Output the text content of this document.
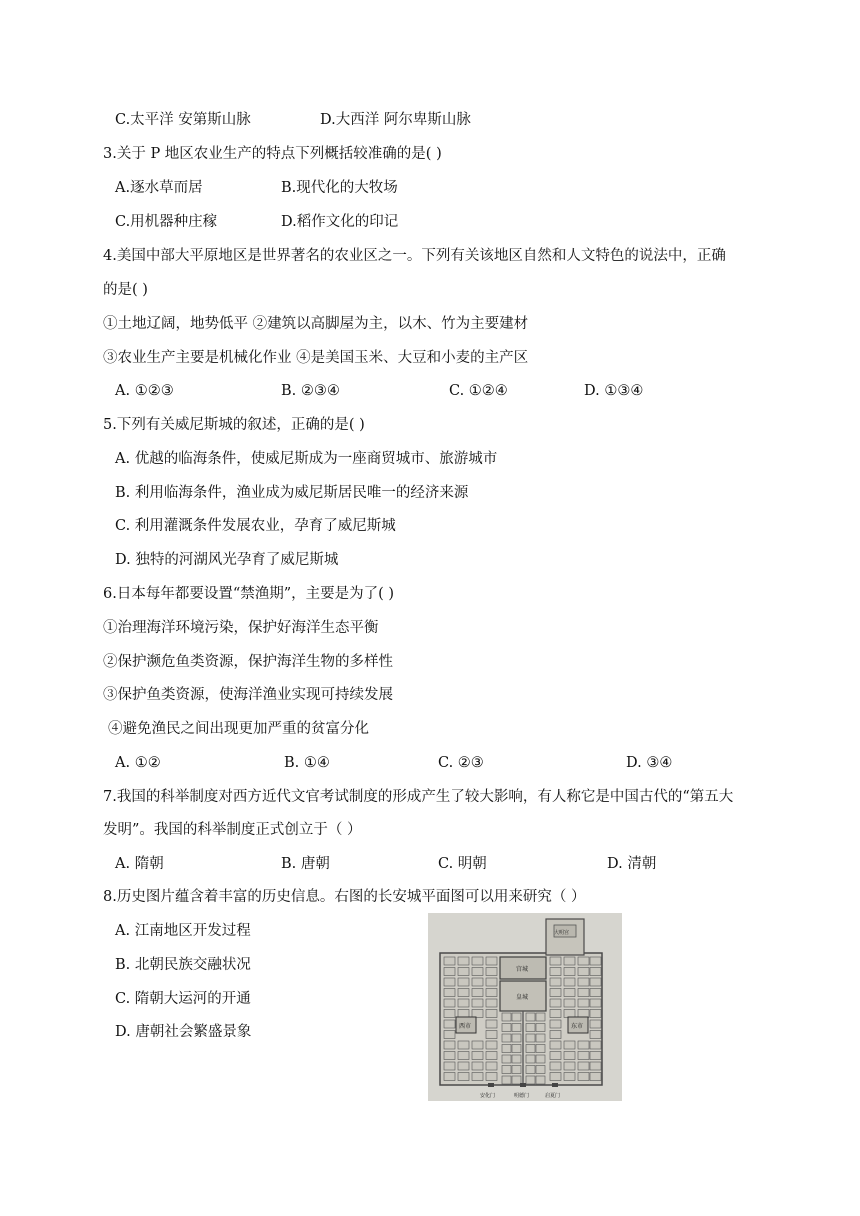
C.太平洋 安第斯山脉	D.大西洋 阿尔卑斯山脉
3.关于 P 地区农业生产的特点下列概括较准确的是( )
A.逐水草而居	B.现代化的大牧场
C.用机器种庄稼	D.稻作文化的印记
4.美国中部大平原地区是世界著名的农业区之一。下列有关该地区自然和人文特色的说法中，正确
的是( )
①土地辽阔，地势低平 ②建筑以高脚屋为主，以木、竹为主要建材
③农业生产主要是机械化作业 ④是美国玉米、大豆和小麦的主产区
A. ①②③	B. ②③④	C. ①②④	D. ①③④
5.下列有关威尼斯城的叙述，正确的是( )
A. 优越的临海条件，使威尼斯成为一座商贸城市、旅游城市
B. 利用临海条件，渔业成为威尼斯居民唯一的经济来源
C. 利用灌溉条件发展农业，孕育了威尼斯城
D. 独特的河湖风光孕育了威尼斯城
6.日本每年都要设置“禁渔期”，主要是为了( )
①治理海洋环境污染，保护好海洋生态平衡
②保护濒危鱼类资源，保护海洋生物的多样性
③保护鱼类资源，使海洋渔业实现可持续发展
④避免渔民之间出现更加严重的贫富分化
A. ①②	B. ①④	C. ②③	D. ③④
7.我国的科举制度对西方近代文官考试制度的形成产生了较大影响，有人称它是中国古代的“第五大
发明”。我国的科举制度正式创立于（ ）
A. 隋朝	B. 唐朝	C. 明朝	D. 清朝
8.历史图片蕴含着丰富的历史信息。右图的长安城平面图可以用来研究（ ）
A. 江南地区开发过程
B. 北朝民族交融状况
C. 隋朝大运河的开通
D. 唐朝社会繁盛景象
宫城
皇城
大明宫
西市	东市
安化门	明德门	启夏门
